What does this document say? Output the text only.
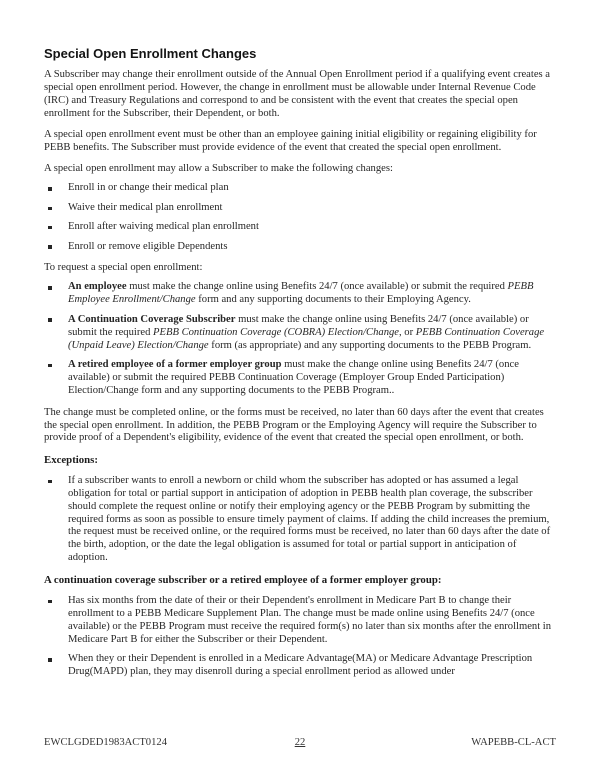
Special Open Enrollment Changes

A Subscriber may change their enrollment outside of the Annual Open Enrollment period if a qualifying event creates a special open enrollment period. However, the change in enrollment must be allowable under Internal Revenue Code (IRC) and Treasury Regulations and correspond to and be consistent with the event that creates the special open enrollment for the Subscriber, their Dependent, or both.

A special open enrollment event must be other than an employee gaining initial eligibility or regaining eligibility for PEBB benefits. The Subscriber must provide evidence of the event that created the special open enrollment.

A special open enrollment may allow a Subscriber to make the following changes:

Enroll in or change their medical plan
Waive their medical plan enrollment
Enroll after waiving medical plan enrollment
Enroll or remove eligible Dependents

To request a special open enrollment:

An employee must make the change online using Benefits 24/7 (once available) or submit the required PEBB Employee Enrollment/Change form and any supporting documents to their Employing Agency.
A Continuation Coverage Subscriber must make the change online using Benefits 24/7 (once available) or submit the required PEBB Continuation Coverage (COBRA) Election/Change, or PEBB Continuation Coverage (Unpaid Leave) Election/Change form (as appropriate) and any supporting documents to the PEBB Program.
A retired employee of a former employer group must make the change online using Benefits 24/7 (once available) or submit the required PEBB Continuation Coverage (Employer Group Ended Participation) Election/Change form and any supporting documents to the PEBB Program..

The change must be completed online, or the forms must be received, no later than 60 days after the event that creates the special open enrollment. In addition, the PEBB Program or the Employing Agency will require the Subscriber to provide proof of a Dependent's eligibility, evidence of the event that created the special open enrollment, or both.

Exceptions:
If a subscriber wants to enroll a newborn or child whom the subscriber has adopted or has assumed a legal obligation for total or partial support in anticipation of adoption in PEBB health plan coverage, the subscriber should complete the request online or notify their employing agency or the PEBB Program by submitting the required forms as soon as possible to ensure timely payment of claims. If adding the child increases the premium, the request must be received online, or the required forms must be received, no later than 60 days after the date of the birth, adoption, or the date the legal obligation is assumed for total or partial support in anticipation of adoption.
A continuation coverage subscriber or a retired employee of a former employer group:
Has six months from the date of their or their Dependent's enrollment in Medicare Part B to change their enrollment to a PEBB Medicare Supplement Plan. The change must be made online using Benefits 24/7 (once available) or the PEBB Program must receive the required form(s) no later than six months after the enrollment in Medicare Part B for either the Subscriber or their Dependent.
When they or their Dependent is enrolled in a Medicare Advantage(MA) or Medicare Advantage Prescription Drug(MAPD) plan, they may disenroll during a special enrollment period as allowed under
EWCLGDED1983ACT0124	22	WAPEBB-CL-ACT
